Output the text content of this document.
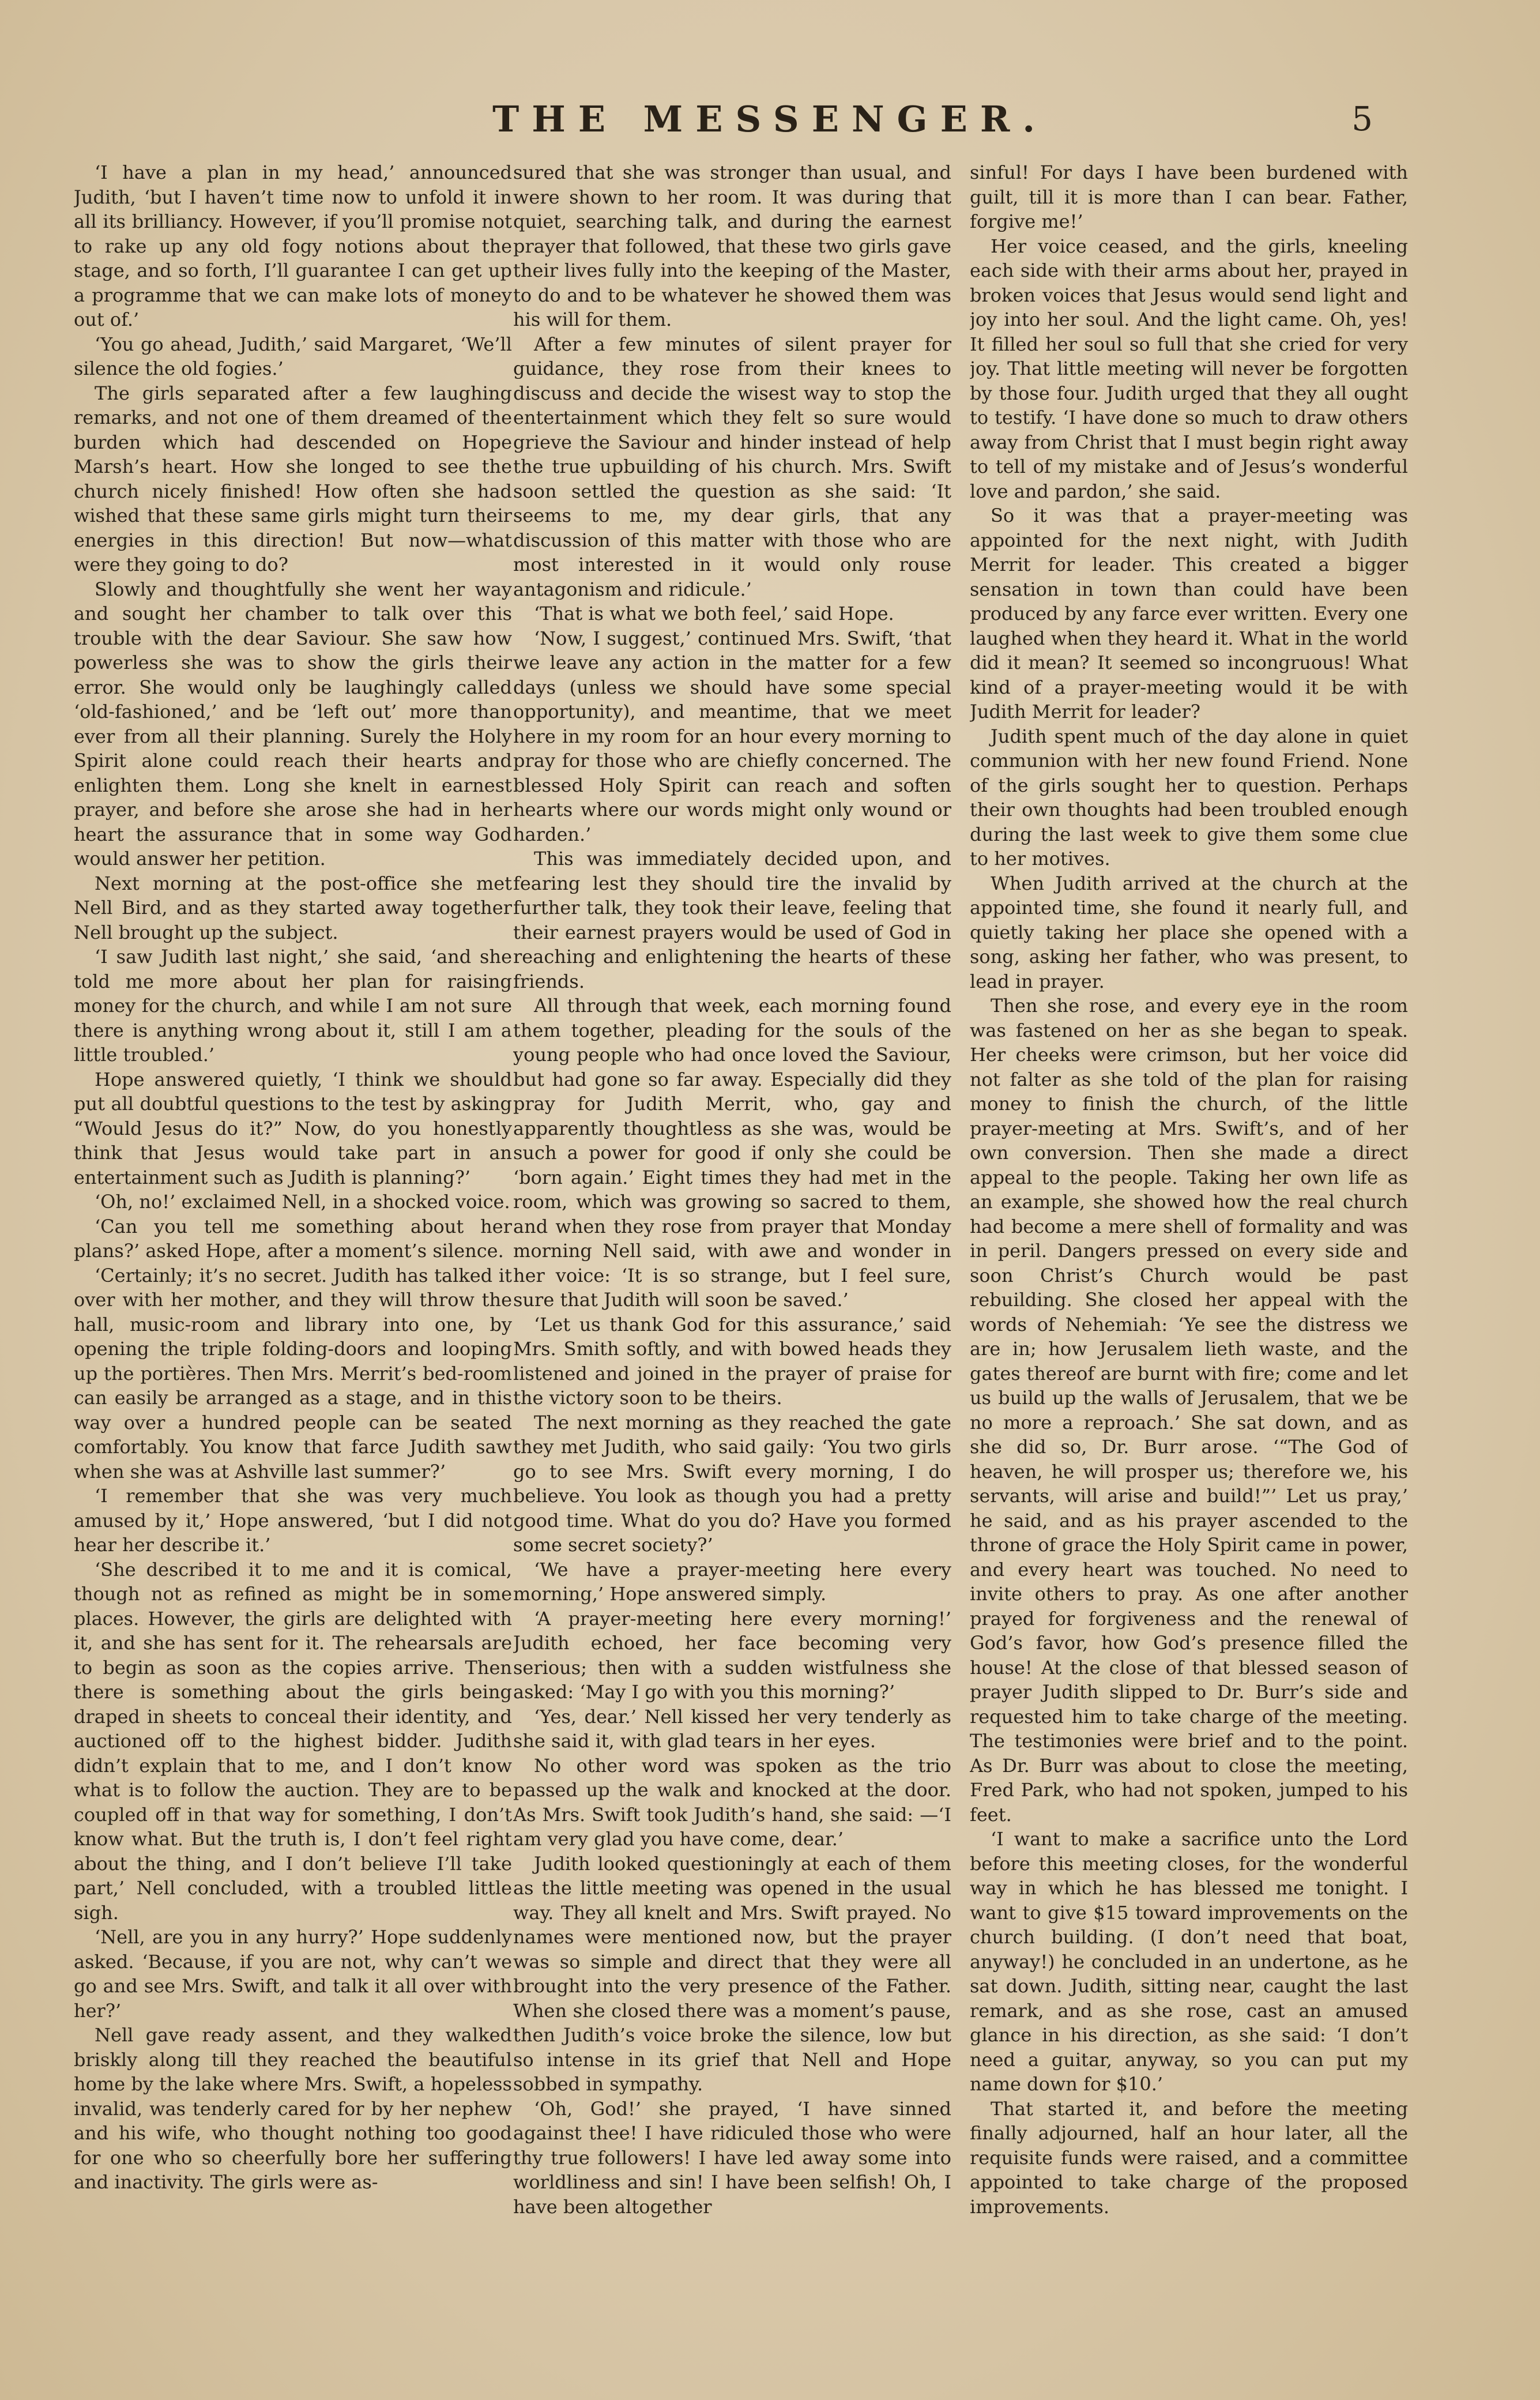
THE MESSENGER.	5

‘I have a plan in my head,’ announced Judith, ‘but I haven’t time now to unfold it in all its brilliancy. However, if you’ll promise not to rake up any old fogy notions about the stage, and so forth, I’ll guarantee I can get up a programme that we can make lots of money out of.’

‘You go ahead, Judith,’ said Margaret, ‘We’ll silence the old fogies.’

The girls separated after a few laughing remarks, and not one of them dreamed of the burden which had descended on Hope Marsh’s heart. How she longed to see the church nicely finished! How often she had wished that these same girls might turn their energies in this direction! But now—what were they going to do?

Slowly and thoughtfully she went her way and sought her chamber to talk over this trouble with the dear Saviour. She saw how powerless she was to show the girls their error. She would only be laughingly called ‘old-fashioned,’ and be ‘left out’ more than ever from all their planning. Surely the Holy Spirit alone could reach their hearts and enlighten them. Long she knelt in earnest prayer, and before she arose she had in her heart the assurance that in some way God would answer her petition.

Next morning at the post-office she met Nell Bird, and as they started away together Nell brought up the subject.

‘I saw Judith last night,’ she said, ‘and she told me more about her plan for raising money for the church, and while I am not sure there is anything wrong about it, still I am a little troubled.’

Hope answered quietly, ‘I think we should put all doubtful questions to the test by asking “Would Jesus do it?” Now, do you honestly think that Jesus would take part in an entertainment such as Judith is planning?’

‘Oh, no!’ exclaimed Nell, in a shocked voice.

‘Can you tell me something about her plans?’ asked Hope, after a moment’s silence.

‘Certainly; it’s no secret. Judith has talked it over with her mother, and they will throw the hall, music-room and library into one, by opening the triple folding-doors and looping up the portières. Then Mrs. Merrit’s bed-room can easily be arranged as a stage, and in this way over a hundred people can be seated comfortably. You know that farce Judith saw when she was at Ashville last summer?’

‘I remember that she was very much amused by it,’ Hope answered, ‘but I did not hear her describe it.’

‘She described it to me and it is comical, though not as refined as might be in some places. However, the girls are delighted with it, and she has sent for it. The rehearsals are to begin as soon as the copies arrive. Then there is something about the girls being draped in sheets to conceal their identity, and auctioned off to the highest bidder. Judith didn’t explain that to me, and I don’t know what is to follow the auction. They are to be coupled off in that way for something, I don’t know what. But the truth is, I don’t feel right about the thing, and I don’t believe I’ll take part,’ Nell concluded, with a troubled little sigh.

‘Nell, are you in any hurry?’ Hope suddenly asked. ‘Because, if you are not, why can’t we go and see Mrs. Swift, and talk it all over with her?’

Nell gave ready assent, and they walked briskly along till they reached the beautiful home by the lake where Mrs. Swift, a hopeless invalid, was tenderly cared for by her nephew and his wife, who thought nothing too good for one who so cheerfully bore her suffering and inactivity. The girls were as-

sured that she was stronger than usual, and were shown to her room. It was during that quiet, searching talk, and during the earnest prayer that followed, that these two girls gave their lives fully into the keeping of the Master, to do and to be whatever he showed them was his will for them.

After a few minutes of silent prayer for guidance, they rose from their knees to discuss and decide the wisest way to stop the entertainment which they felt so sure would grieve the Saviour and hinder instead of help the true upbuilding of his church. Mrs. Swift soon settled the question as she said: ‘It seems to me, my dear girls, that any discussion of this matter with those who are most interested in it would only rouse antagonism and ridicule.’

‘That is what we both feel,’ said Hope.

‘Now, I suggest,’ continued Mrs. Swift, ‘that we leave any action in the matter for a few days (unless we should have some special opportunity), and meantime, that we meet here in my room for an hour every morning to pray for those who are chiefly concerned. The blessed Holy Spirit can reach and soften hearts where our words might only wound or harden.’

This was immediately decided upon, and fearing lest they should tire the invalid by further talk, they took their leave, feeling that their earnest prayers would be used of God in reaching and enlightening the hearts of these friends.

All through that week, each morning found them together, pleading for the souls of the young people who had once loved the Saviour, but had gone so far away. Especially did they pray for Judith Merrit, who, gay and apparently thoughtless as she was, would be such a power for good if only she could be ‘born again.’ Eight times they had met in the room, which was growing so sacred to them, and when they rose from prayer that Monday morning Nell said, with awe and wonder in her voice: ‘It is so strange, but I feel sure, sure that Judith will soon be saved.’

‘Let us thank God for this assurance,’ said Mrs. Smith softly, and with bowed heads they listened and joined in the prayer of praise for the victory soon to be theirs.

The next morning as they reached the gate they met Judith, who said gaily: ‘You two girls go to see Mrs. Swift every morning, I do believe. You look as though you had a pretty good time. What do you do? Have you formed some secret society?’

‘We have a prayer-meeting here every morning,’ Hope answered simply.

‘A prayer-meeting here every morning!’ Judith echoed, her face becoming very serious; then with a sudden wistfulness she asked: ‘May I go with you this morning?’

‘Yes, dear.’ Nell kissed her very tenderly as she said it, with glad tears in her eyes.

No other word was spoken as the trio passed up the walk and knocked at the door. As Mrs. Swift took Judith’s hand, she said: —‘I am very glad you have come, dear.’

Judith looked questioningly at each of them as the little meeting was opened in the usual way. They all knelt and Mrs. Swift prayed. No names were mentioned now, but the prayer was so simple and direct that they were all brought into the very presence of the Father. When she closed there was a moment’s pause, then Judith’s voice broke the silence, low but so intense in its grief that Nell and Hope sobbed in sympathy.

‘Oh, God!’ she prayed, ‘I have sinned against thee! I have ridiculed those who were thy true followers! I have led away some into worldliness and sin! I have been selfish! Oh, I have been altogether

sinful! For days I have been burdened with guilt, till it is more than I can bear. Father, forgive me!’

Her voice ceased, and the girls, kneeling each side with their arms about her, prayed in broken voices that Jesus would send light and joy into her soul. And the light came. Oh, yes! It filled her soul so full that she cried for very joy. That little meeting will never be forgotten by those four. Judith urged that they all ought to testify. ‘I have done so much to draw others away from Christ that I must begin right away to tell of my mistake and of Jesus’s wonderful love and pardon,’ she said.

So it was that a prayer-meeting was appointed for the next night, with Judith Merrit for leader. This created a bigger sensation in town than could have been produced by any farce ever written. Every one laughed when they heard it. What in the world did it mean? It seemed so incongruous! What kind of a prayer-meeting would it be with Judith Merrit for leader?

Judith spent much of the day alone in quiet communion with her new found Friend. None of the girls sought her to question. Perhaps their own thoughts had been troubled enough during the last week to give them some clue to her motives.

When Judith arrived at the church at the appointed time, she found it nearly full, and quietly taking her place she opened with a song, asking her father, who was present, to lead in prayer.

Then she rose, and every eye in the room was fastened on her as she began to speak. Her cheeks were crimson, but her voice did not falter as she told of the plan for raising money to finish the church, of the little prayer-meeting at Mrs. Swift’s, and of her own conversion. Then she made a direct appeal to the people. Taking her own life as an example, she showed how the real church had become a mere shell of formality and was in peril. Dangers pressed on every side and soon Christ’s Church would be past rebuilding. She closed her appeal with the words of Nehemiah: ‘Ye see the distress we are in; how Jerusalem lieth waste, and the gates thereof are burnt with fire; come and let us build up the walls of Jerusalem, that we be no more a reproach.’ She sat down, and as she did so, Dr. Burr arose. ‘“The God of heaven, he will prosper us; therefore we, his servants, will arise and build!”’ Let us pray,’ he said, and as his prayer ascended to the throne of grace the Holy Spirit came in power, and every heart was touched. No need to invite others to pray. As one after another prayed for forgiveness and the renewal of God’s favor, how God’s presence filled the house! At the close of that blessed season of prayer Judith slipped to Dr. Burr’s side and requested him to take charge of the meeting. The testimonies were brief and to the point. As Dr. Burr was about to close the meeting, Fred Park, who had not spoken, jumped to his feet.

‘I want to make a sacrifice unto the Lord before this meeting closes, for the wonderful way in which he has blessed me tonight. I want to give $15 toward improvements on the church building. (I don’t need that boat, anyway!) he concluded in an undertone, as he sat down. Judith, sitting near, caught the last remark, and as she rose, cast an amused glance in his direction, as she said: ‘I don’t need a guitar, anyway, so you can put my name down for $10.’

That started it, and before the meeting finally adjourned, half an hour later, all the requisite funds were raised, and a committee appointed to take charge of the proposed improvements.
